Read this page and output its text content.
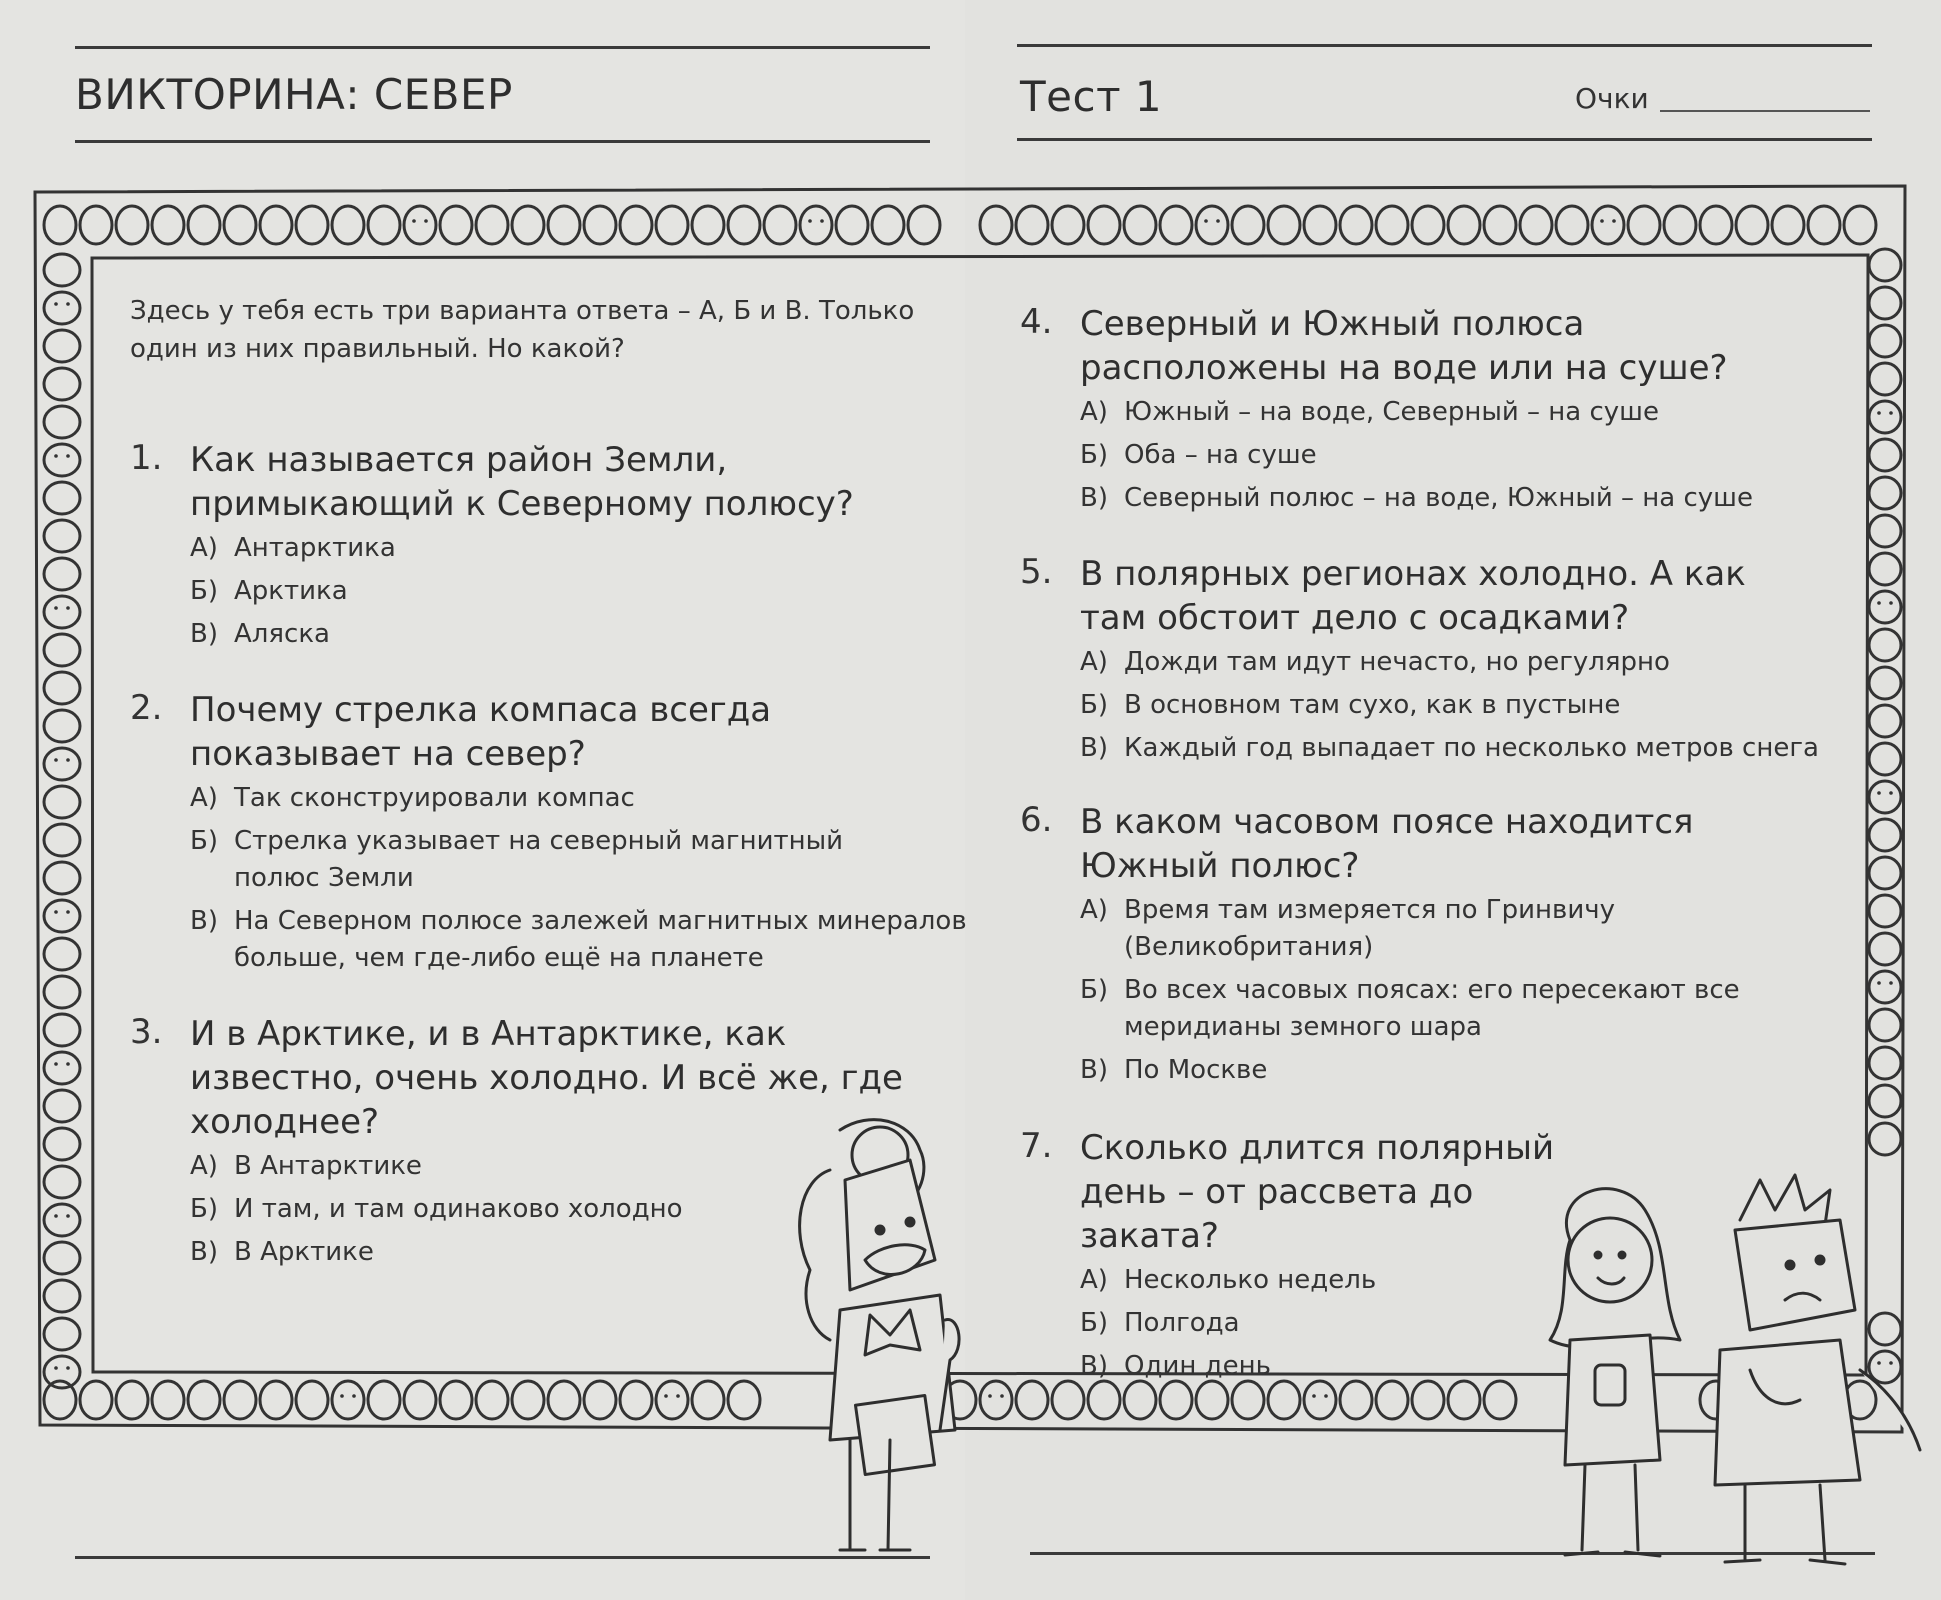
ВИКТОРИНА: СЕВЕР	Тест 1	Очки
Здесь у тебя есть три варианта ответа – А, Б и В. Только один из них правильный. Но какой?
1. Как называется район Земли, примыкающий к Северному полюсу?
А) Антарктика
Б) Арктика
В) Аляска
2. Почему стрелка компаса всегда показывает на север?
А) Так сконструировали компас
Б) Стрелка указывает на северный магнитный полюс Земли
В) На Северном полюсе залежей магнитных минералов больше, чем где-либо ещё на планете
3. И в Арктике, и в Антарктике, как известно, очень холодно. И всё же, где холоднее?
А) В Антарктике
Б) И там, и там одинаково холодно
В) В Арктике
4. Северный и Южный полюса расположены на воде или на суше?
А) Южный – на воде, Северный – на суше
Б) Оба – на суше
В) Северный полюс – на воде, Южный – на суше
5. В полярных регионах холодно. А как там обстоит дело с осадками?
А) Дожди там идут нечасто, но регулярно
Б) В основном там сухо, как в пустыне
В) Каждый год выпадает по несколько метров снега
6. В каком часовом поясе находится Южный полюс?
А) Время там измеряется по Гринвичу (Великобритания)
Б) Во всех часовых поясах: его пересекают все меридианы земного шара
В) По Москве
7. Сколько длится полярный день – от рассвета до заката?
А) Несколько недель
Б) Полгода
В) Один день
